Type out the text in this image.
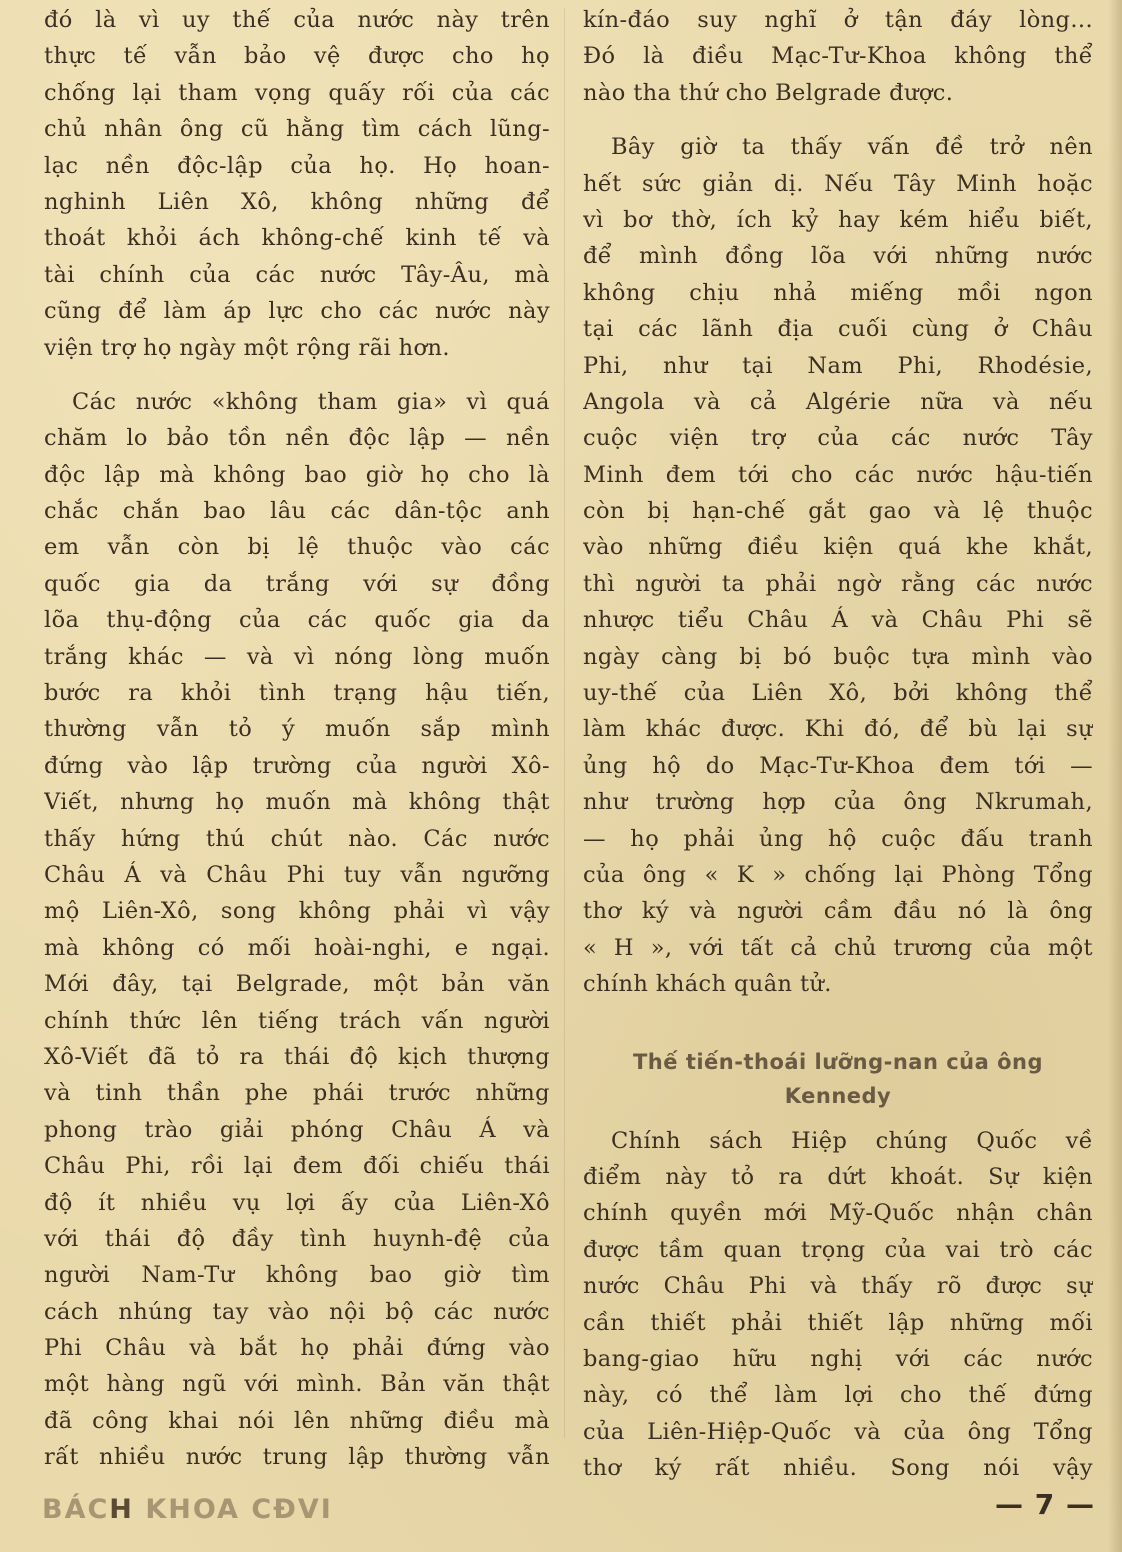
đó là vì uy thế của nước này trên
thực tế vẫn bảo vệ được cho họ
chống lại tham vọng quấy rối của các
chủ nhân ông cũ hằng tìm cách lũng-
lạc nền độc-lập của họ. Họ hoan-
nghinh Liên Xô, không những để
thoát khỏi ách không-chế kinh tế và
tài chính của các nước Tây-Âu, mà
cũng để làm áp lực cho các nước này
viện trợ họ ngày một rộng rãi hơn.
Các nước «không tham gia» vì quá
chăm lo bảo tồn nền độc lập — nền
độc lập mà không bao giờ họ cho là
chắc chắn bao lâu các dân-tộc anh
em vẫn còn bị lệ thuộc vào các
quốc gia da trắng với sự đồng
lõa thụ-động của các quốc gia da
trắng khác — và vì nóng lòng muốn
bước ra khỏi tình trạng hậu tiến,
thường vẫn tỏ ý muốn sắp mình
đứng vào lập trường của người Xô-
Viết, nhưng họ muốn mà không thật
thấy hứng thú chút nào. Các nước
Châu Á và Châu Phi tuy vẫn ngưỡng
mộ Liên-Xô, song không phải vì vậy
mà không có mối hoài-nghi, e ngại.
Mới đây, tại Belgrade, một bản văn
chính thức lên tiếng trách vấn người
Xô-Viết đã tỏ ra thái độ kịch thượng
và tinh thần phe phái trước những
phong trào giải phóng Châu Á và
Châu Phi, rồi lại đem đối chiếu thái
độ ít nhiều vụ lợi ấy của Liên-Xô
với thái độ đầy tình huynh-đệ của
người Nam-Tư không bao giờ tìm
cách nhúng tay vào nội bộ các nước
Phi Châu và bắt họ phải đứng vào
một hàng ngũ với mình. Bản văn thật
đã công khai nói lên những điều mà
rất nhiều nước trung lập thường vẫn
kín-đáo suy nghĩ ở tận đáy lòng...
Đó là điều Mạc-Tư-Khoa không thể
nào tha thứ cho Belgrade được.
Bây giờ ta thấy vấn đề trở nên
hết sức giản dị. Nếu Tây Minh hoặc
vì bơ thờ, ích kỷ hay kém hiểu biết,
để mình đồng lõa với những nước
không chịu nhả miếng mồi ngon
tại các lãnh địa cuối cùng ở Châu
Phi, như tại Nam Phi, Rhodésie,
Angola và cả Algérie nữa và nếu
cuộc viện trợ của các nước Tây
Minh đem tới cho các nước hậu-tiến
còn bị hạn-chế gắt gao và lệ thuộc
vào những điều kiện quá khe khắt,
thì người ta phải ngờ rằng các nước
nhược tiểu Châu Á và Châu Phi sẽ
ngày càng bị bó buộc tựa mình vào
uy-thế của Liên Xô, bởi không thể
làm khác được. Khi đó, để bù lại sự
ủng hộ do Mạc-Tư-Khoa đem tới —
như trường hợp của ông Nkrumah,
— họ phải ủng hộ cuộc đấu tranh
của ông « K » chống lại Phòng Tổng
thơ ký và người cầm đầu nó là ông
« H », với tất cả chủ trương của một
chính khách quân tử.
Thế tiến-thoái lưỡng-nan của ông
Kennedy
Chính sách Hiệp chúng Quốc về
điểm này tỏ ra dứt khoát. Sự kiện
chính quyền mới Mỹ-Quốc nhận chân
được tầm quan trọng của vai trò các
nước Châu Phi và thấy rõ được sự
cần thiết phải thiết lập những mối
bang-giao hữu nghị với các nước
này, có thể làm lợi cho thế đứng
của Liên-Hiệp-Quốc và của ông Tổng
thơ ký rất nhiều. Song nói vậy
BÁCH KHOA CĐVI	— 7 —
